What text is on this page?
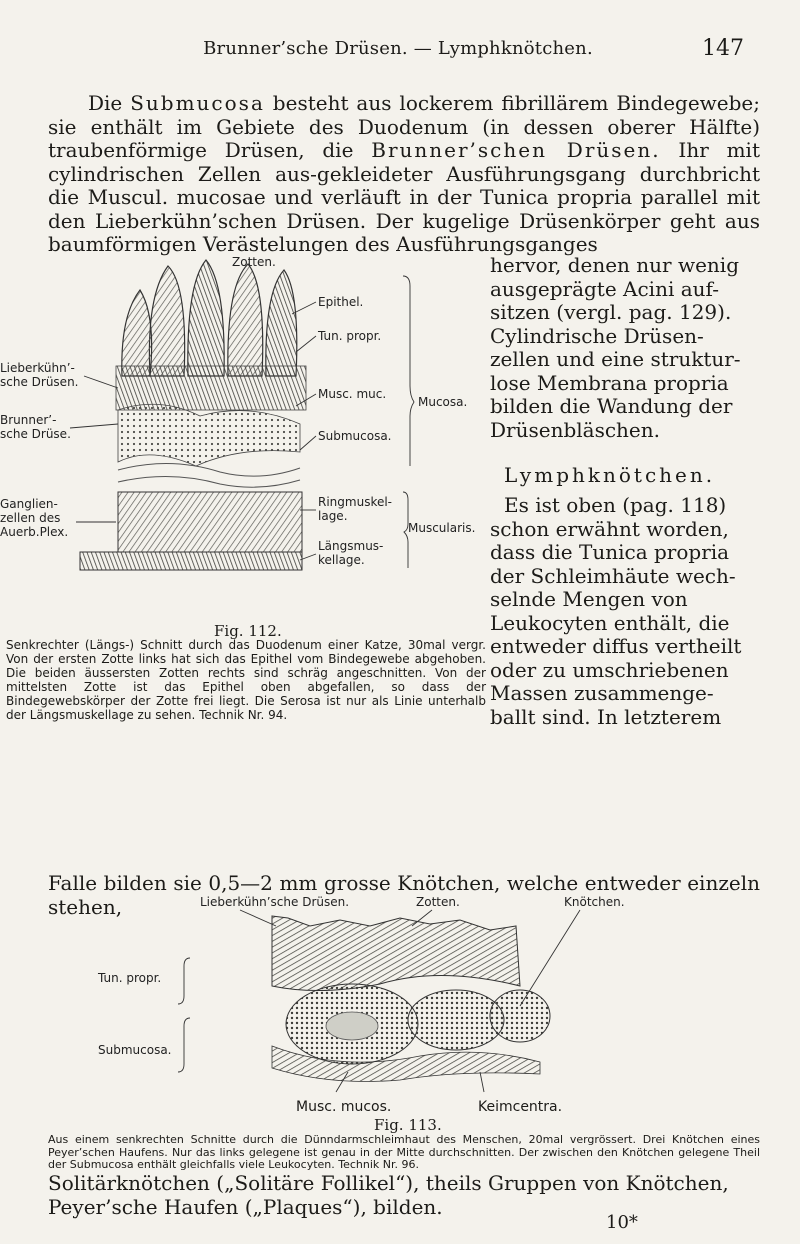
Brunner’sche Drüsen. — Lymphknötchen.	147
Die Submucosa besteht aus lockerem fibrillärem Bindegewebe; sie enthält im Gebiete des Duodenum (in dessen oberer Hälfte) traubenförmige Drüsen, die Brunner’schen Drüsen. Ihr mit cylindrischen Zellen aus-gekleideter Ausführungsgang durchbricht die Muscul. mucosae und verläuft in der Tunica propria parallel mit den Lieberkühn’schen Drüsen. Der kugelige Drüsenkörper geht aus baumförmigen Verästelungen des Ausführungsganges
hervor, denen nur wenig ausgeprägte Acini auf-sitzen (vergl. pag. 129). Cylindrische Drüsen-zellen und eine struktur-lose Membrana propria bilden die Wandung der Drüsenbläschen.
Lymphknötchen.
Es ist oben (pag. 118) schon erwähnt worden, dass die Tunica propria der Schleimhäute wech-selnde Mengen von Leukocyten enthält, die entweder diffus vertheilt oder zu umschriebenen Massen zusammenge-ballt sind. In letzterem
Falle bilden sie 0,5—2 mm grosse Knötchen, welche entweder einzeln stehen,
Zotten.
Epithel.
Tun. propr.
Musc. muc.
Submucosa.
Ringmuskel-
lage.
Längsmus-
kellage.
Lieberkühn’-
sche Drüsen.
Brunner’-
sche Drüse.
Ganglien-
zellen des
Auerb.Plex.
Mucosa.
Muscularis.
Fig. 112.
Senkrechter (Längs-) Schnitt durch das Duodenum einer Katze, 30mal vergr. Von der ersten Zotte links hat sich das Epithel vom Bindegewebe abgehoben. Die beiden äussersten Zotten rechts sind schräg angeschnitten. Von der mittelsten Zotte ist das Epithel oben abgefallen, so dass der Bindegewebskörper der Zotte frei liegt. Die Serosa ist nur als Linie unterhalb der Längsmuskellage zu sehen. Technik Nr. 94.
Lieberkühn’sche Drüsen.	Zotten.	Knötchen.
Tun. propr.
Submucosa.
Musc. mucos.	Keimcentra.
Fig. 113.
Solitärknötchen („Solitäre Follikel“), theils Gruppen von Knötchen, Peyer’sche Haufen („Plaques“), bilden.
Aus einem senkrechten Schnitte durch die Dünndarmschleimhaut des Menschen, 20mal vergrössert. Drei Knötchen eines Peyer’schen Haufens. Nur das links gelegene ist genau in der Mitte durchschnitten. Der zwischen den Knötchen gelegene Theil der Submucosa enthält gleichfalls viele Leukocyten. Technik Nr. 96.
10*
